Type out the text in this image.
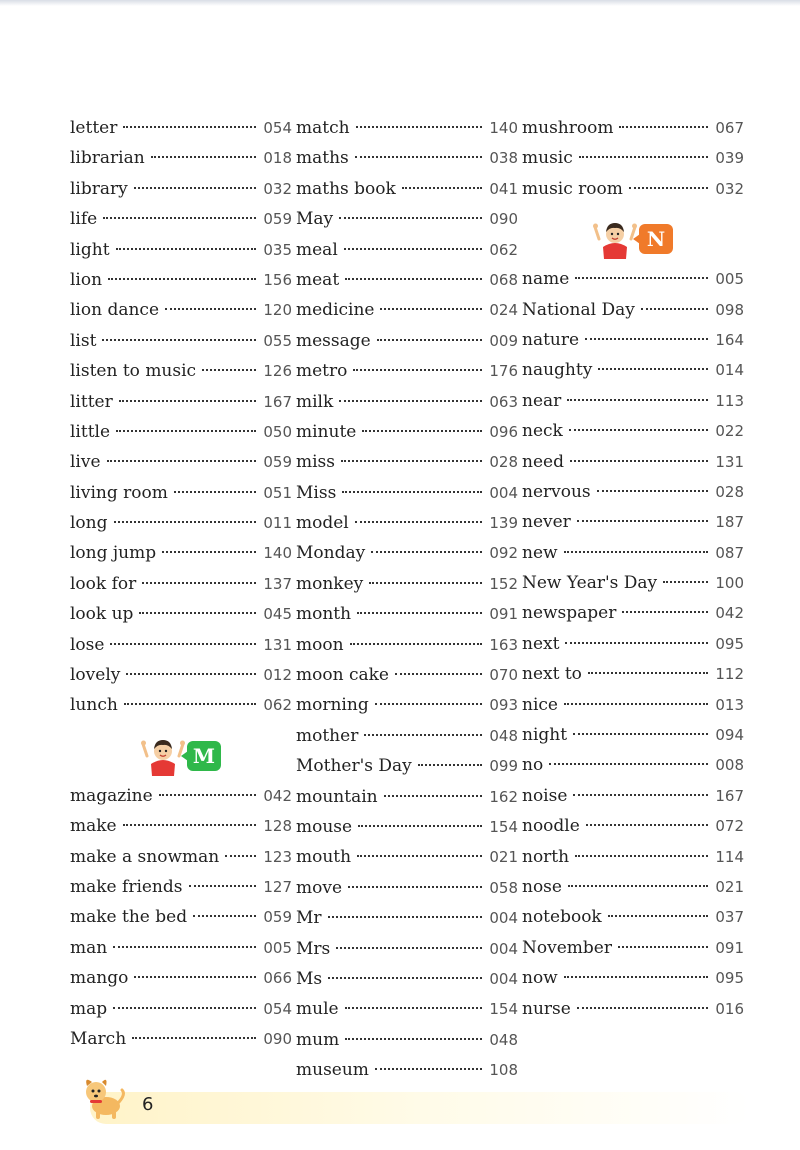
letter	054
librarian	018
library	032
life	059
light	035
lion	156
lion dance	120
list	055
listen to music	126
litter	167
little	050
live	059
living room	051
long	011
long jump	140
look for	137
look up	045
lose	131
lovely	012
lunch	062
M
magazine	042
make	128
make a snowman	123
make friends	127
make the bed	059
man	005
mango	066
map	054
March	090
match	140
maths	038
maths book	041
May	090
meal	062
meat	068
medicine	024
message	009
metro	176
milk	063
minute	096
miss	028
Miss	004
model	139
Monday	092
monkey	152
month	091
moon	163
moon cake	070
morning	093
mother	048
Mother's Day	099
mountain	162
mouse	154
mouth	021
move	058
Mr	004
Mrs	004
Ms	004
mule	154
mum	048
museum	108
mushroom	067
music	039
music room	032
N
name	005
National Day	098
nature	164
naughty	014
near	113
neck	022
need	131
nervous	028
never	187
new	087
New Year's Day	100
newspaper	042
next	095
next to	112
nice	013
night	094
no	008
noise	167
noodle	072
north	114
nose	021
notebook	037
November	091
now	095
nurse	016
6
